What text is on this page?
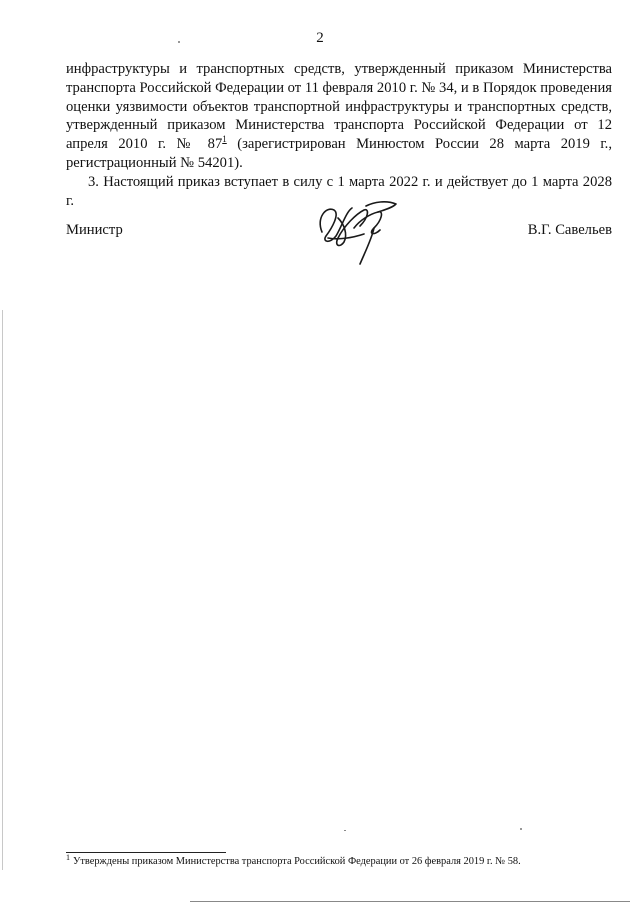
2

инфраструктуры и транспортных средств, утвержденный приказом Министерства транспорта Российской Федерации от 11 февраля 2010 г. № 34, и в Порядок проведения оценки уязвимости объектов транспортной инфраструктуры и транспортных средств, утвержденный приказом Министерства транспорта Российской Федерации от 12 апреля 2010 г. № $87^1$ (зарегистрирован Минюстом России 28 марта 2019 г., регистрационный № 54201).

3. Настоящий приказ вступает в силу с 1 марта 2022 г. и действует до 1 марта 2028 г.

Министр	В.Г. Савельев
$^1$ Утверждены приказом Министерства транспорта Российской Федерации от 26 февраля 2019 г. № 58.
